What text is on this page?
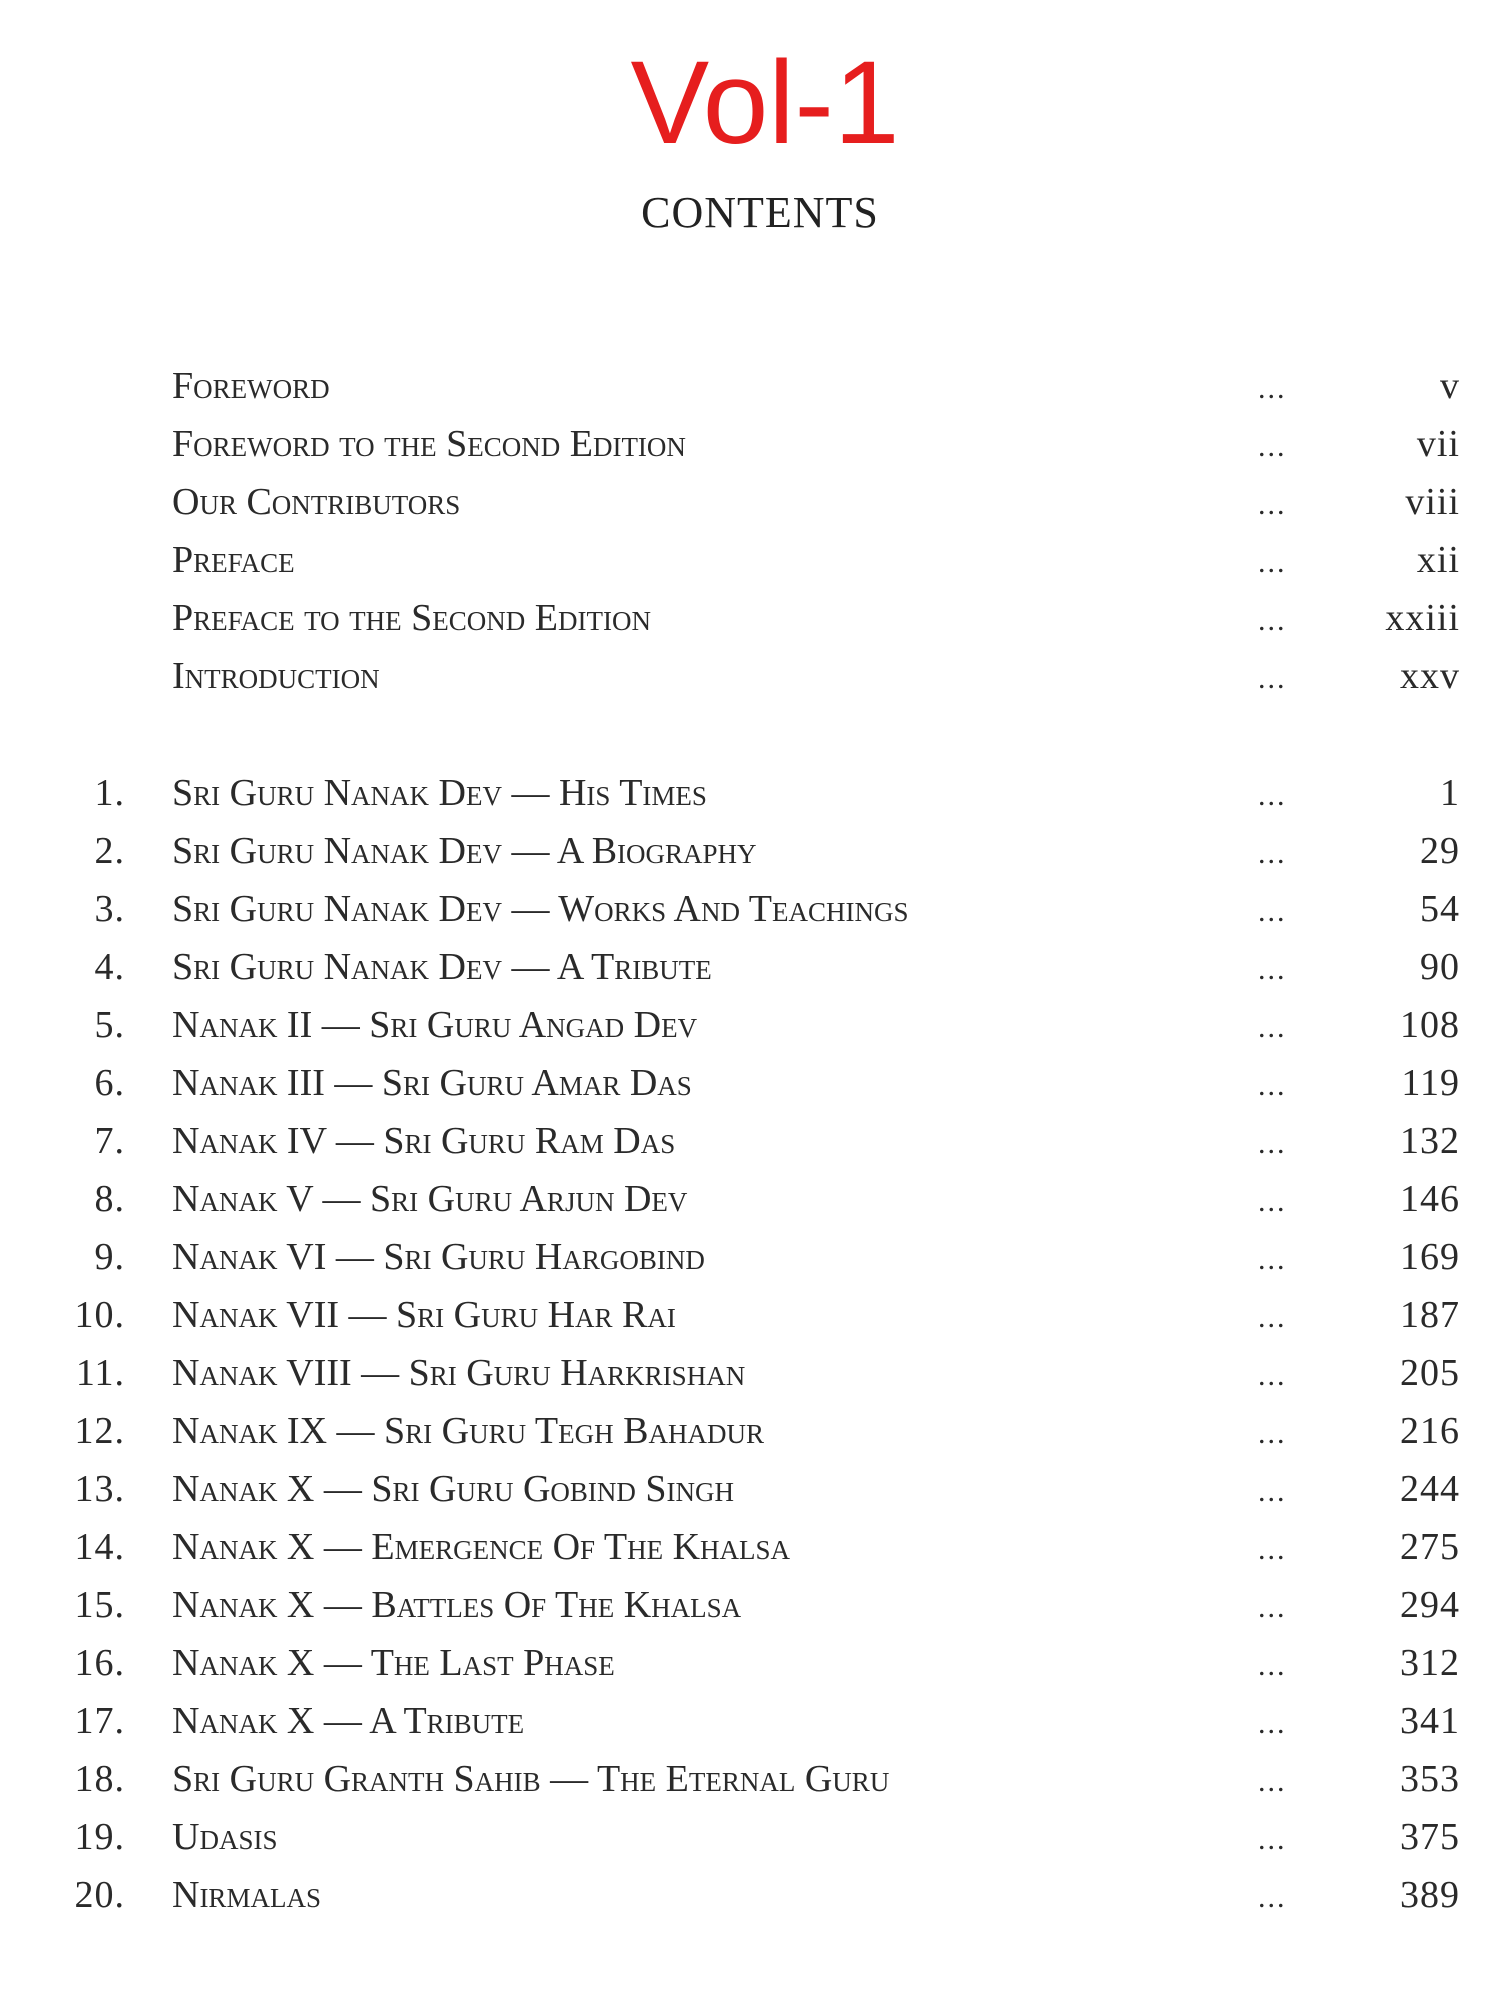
Vol-1
CONTENTS
Foreword	...	v
Foreword to the Second Edition	...	vii
Our Contributors	...	viii
Preface	...	xii
Preface to the Second Edition	...	xxiii
Introduction	...	xxv
1. Sri Guru Nanak Dev — His Times	...	1
2. Sri Guru Nanak Dev — A Biography	...	29
3. Sri Guru Nanak Dev — Works And Teachings	...	54
4. Sri Guru Nanak Dev — A Tribute	...	90
5. Nanak II — Sri Guru Angad Dev	...	108
6. Nanak III — Sri Guru Amar Das	...	119
7. Nanak IV — Sri Guru Ram Das	...	132
8. Nanak V — Sri Guru Arjun Dev	...	146
9. Nanak VI — Sri Guru Hargobind	...	169
10. Nanak VII — Sri Guru Har Rai	...	187
11. Nanak VIII — Sri Guru Harkrishan	...	205
12. Nanak IX — Sri Guru Tegh Bahadur	...	216
13. Nanak X — Sri Guru Gobind Singh	...	244
14. Nanak X — Emergence Of The Khalsa	...	275
15. Nanak X — Battles Of The Khalsa	...	294
16. Nanak X — The Last Phase	...	312
17. Nanak X — A Tribute	...	341
18. Sri Guru Granth Sahib — The Eternal Guru	...	353
19. Udasis	...	375
20. Nirmalas	...	389
